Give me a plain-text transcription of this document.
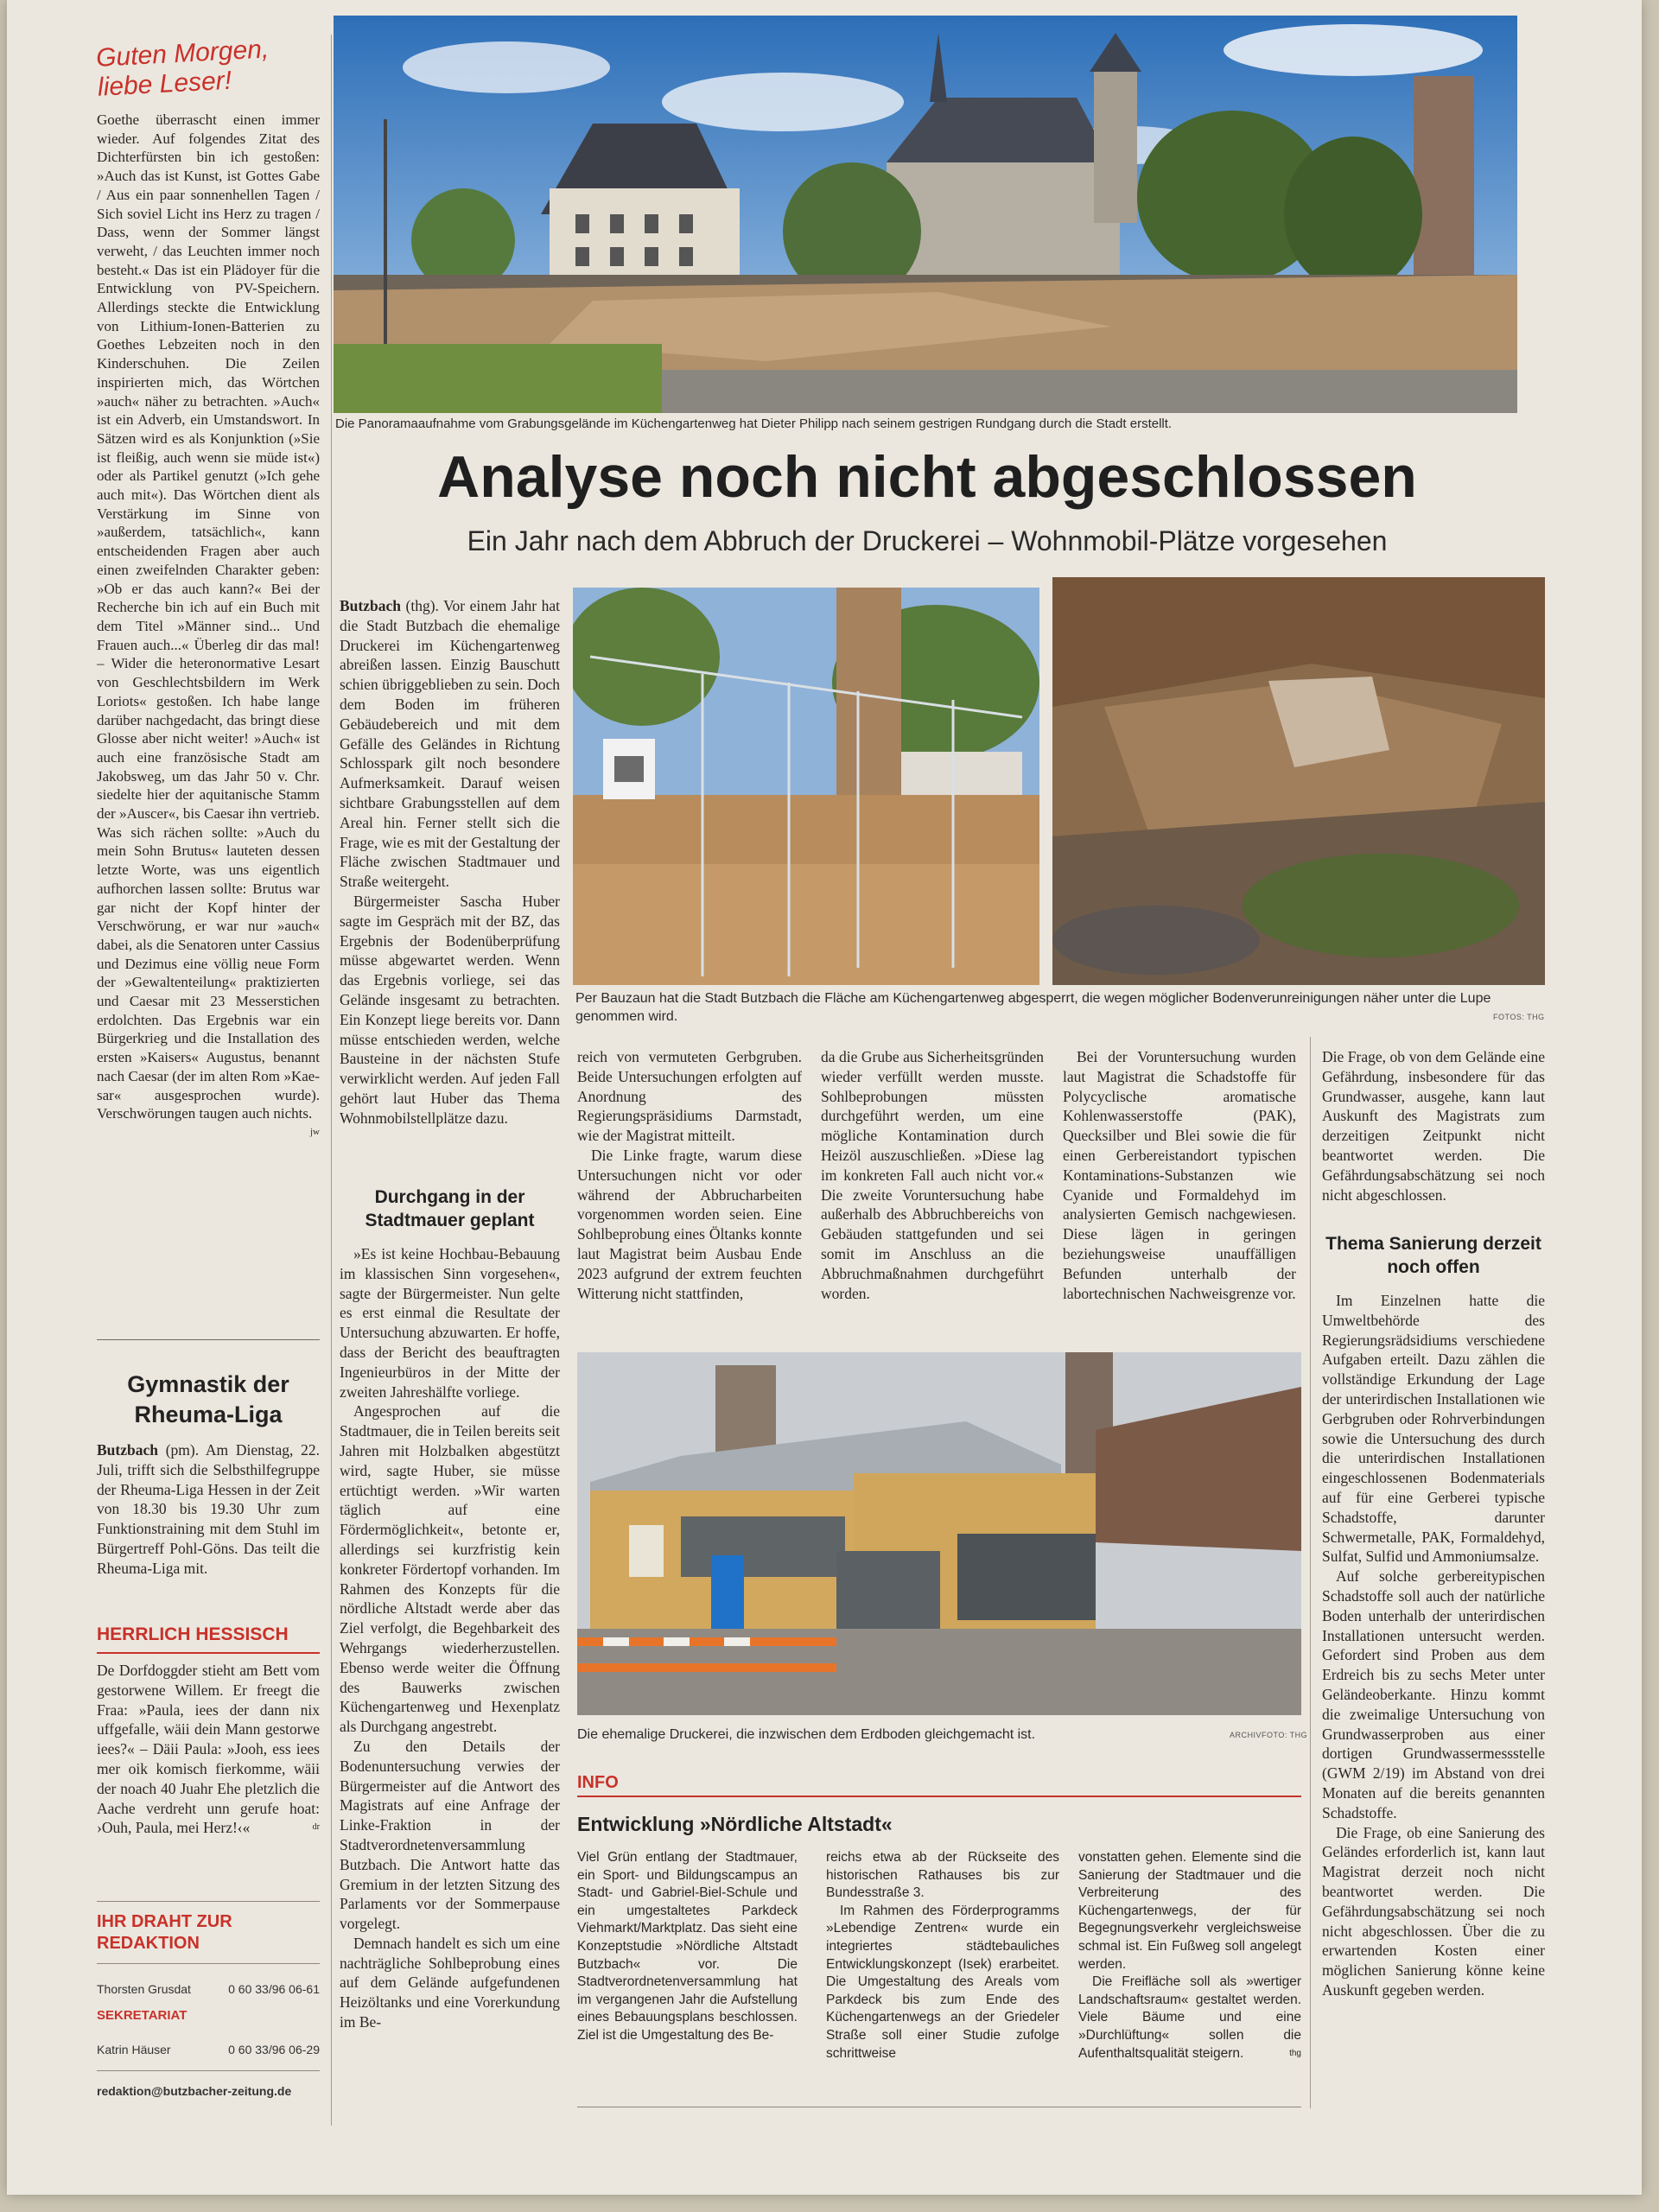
Guten Morgen, liebe Leser!

Goethe überrascht einen immer wieder. Auf folgendes Zitat des Dichterfürsten bin ich gestoßen: »Auch das ist Kunst, ist Gottes Gabe / Aus ein paar sonnenhellen Tagen / Sich soviel Licht ins Herz zu tragen / Dass, wenn der Sommer längst verweht, / das Leuchten immer noch besteht.« Das ist ein Plädoyer für die Entwicklung von PV-Speichern. Allerdings steckte die Entwicklung von Lithium-Ionen-Batterien zu Goethes Lebzeiten noch in den Kinderschuhen. Die Zeilen inspirierten mich, das Wörtchen »auch« näher zu betrachten. »Auch« ist ein Adverb, ein Umstandswort. In Sätzen wird es als Konjunktion (»Sie ist fleißig, auch wenn sie müde ist«) oder als Partikel genutzt (»Ich gehe auch mit«). Das Wörtchen dient als Verstärkung im Sinne von »außerdem, tatsächlich«, kann entscheidenden Fragen aber auch einen zweifelnden Charakter geben: »Ob er das auch kann?« Bei der Recherche bin ich auf ein Buch mit dem Titel »Männer sind... Und Frauen auch...« Überleg dir das mal! – Wider die heteronormative Lesart von Geschlechtsbildern im Werk Loriots« gestoßen. Ich habe lange darüber nachgedacht, das bringt diese Glosse aber nicht weiter! »Auch« ist auch eine französische Stadt am Jakobsweg, um das Jahr 50 v. Chr. siedelte hier der aquitanische Stamm der »Auscer«, bis Caesar ihn vertrieb. Was sich rächen sollte: »Auch du mein Sohn Brutus« lauteten dessen letzte Worte, was uns eigentlich aufhorchen lassen sollte: Brutus war gar nicht der Kopf hinter der Verschwörung, er war nur »auch« dabei, als die Senatoren unter Cassius und Dezimus eine völlig neue Form der »Gewaltenteilung« praktizierten und Caesar mit 23 Messerstichen erdolchten. Das Ergebnis war ein Bürgerkrieg und die Installation des ersten »Kaisers« Augustus, benannt nach Caesar (der im alten Rom »Kae-sar« ausgesprochen wurde). Verschwörungen taugen auch nichts.
jw

Gymnastik der Rheuma-Liga

Butzbach (pm). Am Dienstag, 22. Juli, trifft sich die Selbsthilfegruppe der Rheuma-Liga Hessen in der Zeit von 18.30 bis 19.30 Uhr zum Funktionstraining mit dem Stuhl im Bürgertreff Pohl-Göns. Das teilt die Rheuma-Liga mit.

HERRLICH HESSISCH

De Dorfdoggder stieht am Bett vom gestorwene Willem. Er freegt die Fraa: »Paula, iees der dann nix uffgefalle, wäii dein Mann gestorwe iees?« – Däii Paula: »Jooh, ess iees mer oik komisch fierkomme, wäii der noach 40 Juahr Ehe pletzlich die Aache verdreht unn gerufe hoat: ›Ouh, Paula, mei Herz!‹«	dr

IHR DRAHT ZUR REDAKTION
Thorsten Grusdat	0 60 33/96 06-61
SEKRETARIAT
Katrin Häuser	0 60 33/96 06-29
redaktion@butzbacher-zeitung.de
Die Panoramaaufnahme vom Grabungsgelände im Küchengartenweg hat Dieter Philipp nach seinem gestrigen Rundgang durch die Stadt erstellt.
Analyse noch nicht abgeschlossen
Ein Jahr nach dem Abbruch der Druckerei – Wohnmobil-Plätze vorgesehen

Butzbach (thg). Vor einem Jahr hat die Stadt Butzbach die ehemalige Druckerei im Küchengartenweg abreißen lassen. Einzig Bauschutt schien übriggeblieben zu sein. Doch dem Boden im früheren Gebäudebereich und mit dem Gefälle des Geländes in Richtung Schlosspark gilt noch besondere Aufmerksamkeit. Darauf weisen sichtbare Grabungsstellen auf dem Areal hin. Ferner stellt sich die Frage, wie es mit der Gestaltung der Fläche zwischen Stadtmauer und Straße weitergeht.

Bürgermeister Sascha Huber sagte im Gespräch mit der BZ, das Ergebnis der Bodenüberprüfung müsse abgewartet werden. Wenn das Ergebnis vorliege, sei das Gelände insgesamt zu betrachten. Ein Konzept liege bereits vor. Dann müsse entschieden werden, welche Bausteine in der nächsten Stufe verwirklicht werden. Auf jeden Fall gehört laut Huber das Thema Wohnmobilstellplätze dazu.

Durchgang in der Stadtmauer geplant

»Es ist keine Hochbau-Bebauung im klassischen Sinn vorgesehen«, sagte der Bürgermeister. Nun gelte es erst einmal die Resultate der Untersuchung abzuwarten. Er hoffe, dass der Bericht des beauftragten Ingenieurbüros in der Mitte der zweiten Jahreshälfte vorliege.

Angesprochen auf die Stadtmauer, die in Teilen bereits seit Jahren mit Holzbalken abgestützt wird, sagte Huber, sie müsse ertüchtigt werden. »Wir warten täglich auf eine Fördermöglichkeit«, betonte er, allerdings sei kurzfristig kein konkreter Fördertopf vorhanden. Im Rahmen des Konzepts für die nördliche Altstadt werde aber das Ziel verfolgt, die Begehbarkeit des Wehrgangs wiederherzustellen. Ebenso werde weiter die Öffnung des Bauwerks zwischen Küchengartenweg und Hexenplatz als Durchgang angestrebt.

Zu den Details der Bodenuntersuchung verwies der Bürgermeister auf die Antwort des Magistrats auf eine Anfrage der Linke-Fraktion in der Stadtverordnetenversammlung Butzbach. Die Antwort hatte das Gremium in der letzten Sitzung des Parlaments vor der Sommerpause vorgelegt.

Demnach handelt es sich um eine nachträgliche Sohlbeprobung eines auf dem Gelände aufgefundenen Heizöltanks und eine Vorerkundung im Be-

Per Bauzaun hat die Stadt Butzbach die Fläche am Küchengartenweg abgesperrt, die wegen möglicher Bodenverunreinigungen näher unter die Lupe genommen wird.	FOTOS: THG

reich von vermuteten Gerbgruben. Beide Untersuchungen erfolgten auf Anordnung des Regierungspräsidiums Darmstadt, wie der Magistrat mitteilt.

Die Linke fragte, warum diese Untersuchungen nicht vor oder während der Abbrucharbeiten vorgenommen worden seien. Eine Sohlbeprobung eines Öltanks konnte laut Magistrat beim Ausbau Ende 2023 aufgrund der extrem feuchten Witterung nicht stattfinden,

da die Grube aus Sicherheitsgründen wieder verfüllt werden musste. Sohlbeprobungen müssten durchgeführt werden, um eine mögliche Kontamination durch Heizöl auszuschließen. »Diese lag im konkreten Fall auch nicht vor.« Die zweite Voruntersuchung habe außerhalb des Abbruchbereichs von Gebäuden stattgefunden und sei somit im Anschluss an die Abbruchmaßnahmen durchgeführt worden.

Bei der Voruntersuchung wurden laut Magistrat die Schadstoffe für Polycyclische aromatische Kohlenwasserstoffe (PAK), Quecksilber und Blei sowie die für einen Gerbereistandort typischen Kontaminations-Substanzen wie Cyanide und Formaldehyd im analysierten Gemisch nachgewiesen. Diese lägen in geringen beziehungsweise unauffälligen Befunden unterhalb der labortechnischen Nachweisgrenze vor.

Die ehemalige Druckerei, die inzwischen dem Erdboden gleichgemacht ist.	ARCHIVFOTO: THG
INFO
Entwicklung »Nördliche Altstadt«

Viel Grün entlang der Stadtmauer, ein Sport- und Bildungscampus an Stadt- und Gabriel-Biel-Schule und ein umgestaltetes Parkdeck Viehmarkt/Marktplatz. Das sieht eine Konzeptstudie »Nördliche Altstadt Butzbach« vor. Die Stadtverordnetenversammlung hat im vergangenen Jahr die Aufstellung eines Bebauungsplans beschlossen. Ziel ist die Umgestaltung des Be-

reichs etwa ab der Rückseite des historischen Rathauses bis zur Bundesstraße 3.

Im Rahmen des Förderprogramms »Lebendige Zentren« wurde ein integriertes städtebauliches Entwicklungskonzept (Isek) erarbeitet. Die Umgestaltung des Areals vom Parkdeck bis zum Ende des Küchengartenwegs an der Griedeler Straße soll einer Studie zufolge schrittweise

vonstatten gehen. Elemente sind die Sanierung der Stadtmauer und die Verbreiterung des Küchengartenwegs, der für Begegnungsverkehr vergleichsweise schmal ist. Ein Fußweg soll angelegt werden.

Die Freifläche soll als »wertiger Landschaftsraum« gestaltet werden. Viele Bäume und eine »Durchlüftung« sollen die Aufenthaltsqualität steigern.	thg

Die Frage, ob von dem Gelände eine Gefährdung, insbesondere für das Grundwasser, ausgehe, kann laut Auskunft des Magistrats zum derzeitigen Zeitpunkt nicht beantwortet werden. Die Gefährdungsabschätzung sei noch nicht abgeschlossen.

Thema Sanierung derzeit noch offen

Im Einzelnen hatte die Umweltbehörde des Regierungsrädsidiums verschiedene Aufgaben erteilt. Dazu zählen die vollständige Erkundung der Lage der unterirdischen Installationen wie Gerbgruben oder Rohrverbindungen sowie die Untersuchung des durch die unterirdischen Installationen eingeschlossenen Bodenmaterials auf für eine Gerberei typische Schadstoffe, darunter Schwermetalle, PAK, Formaldehyd, Sulfat, Sulfid und Ammoniumsalze.

Auf solche gerbereitypischen Schadstoffe soll auch der natürliche Boden unterhalb der unterirdischen Installationen untersucht werden. Gefordert sind Proben aus dem Erdreich bis zu sechs Meter unter Geländeoberkante. Hinzu kommt die zweimalige Untersuchung von Grundwasserproben aus einer dortigen Grundwassermessstelle (GWM 2/19) im Abstand von drei Monaten auf die bereits genannten Schadstoffe.

Die Frage, ob eine Sanierung des Geländes erforderlich ist, kann laut Magistrat derzeit noch nicht beantwortet werden. Die Gefährdungsabschätzung sei noch nicht abgeschlossen. Über die zu erwartenden Kosten einer möglichen Sanierung könne keine Auskunft gegeben werden.
